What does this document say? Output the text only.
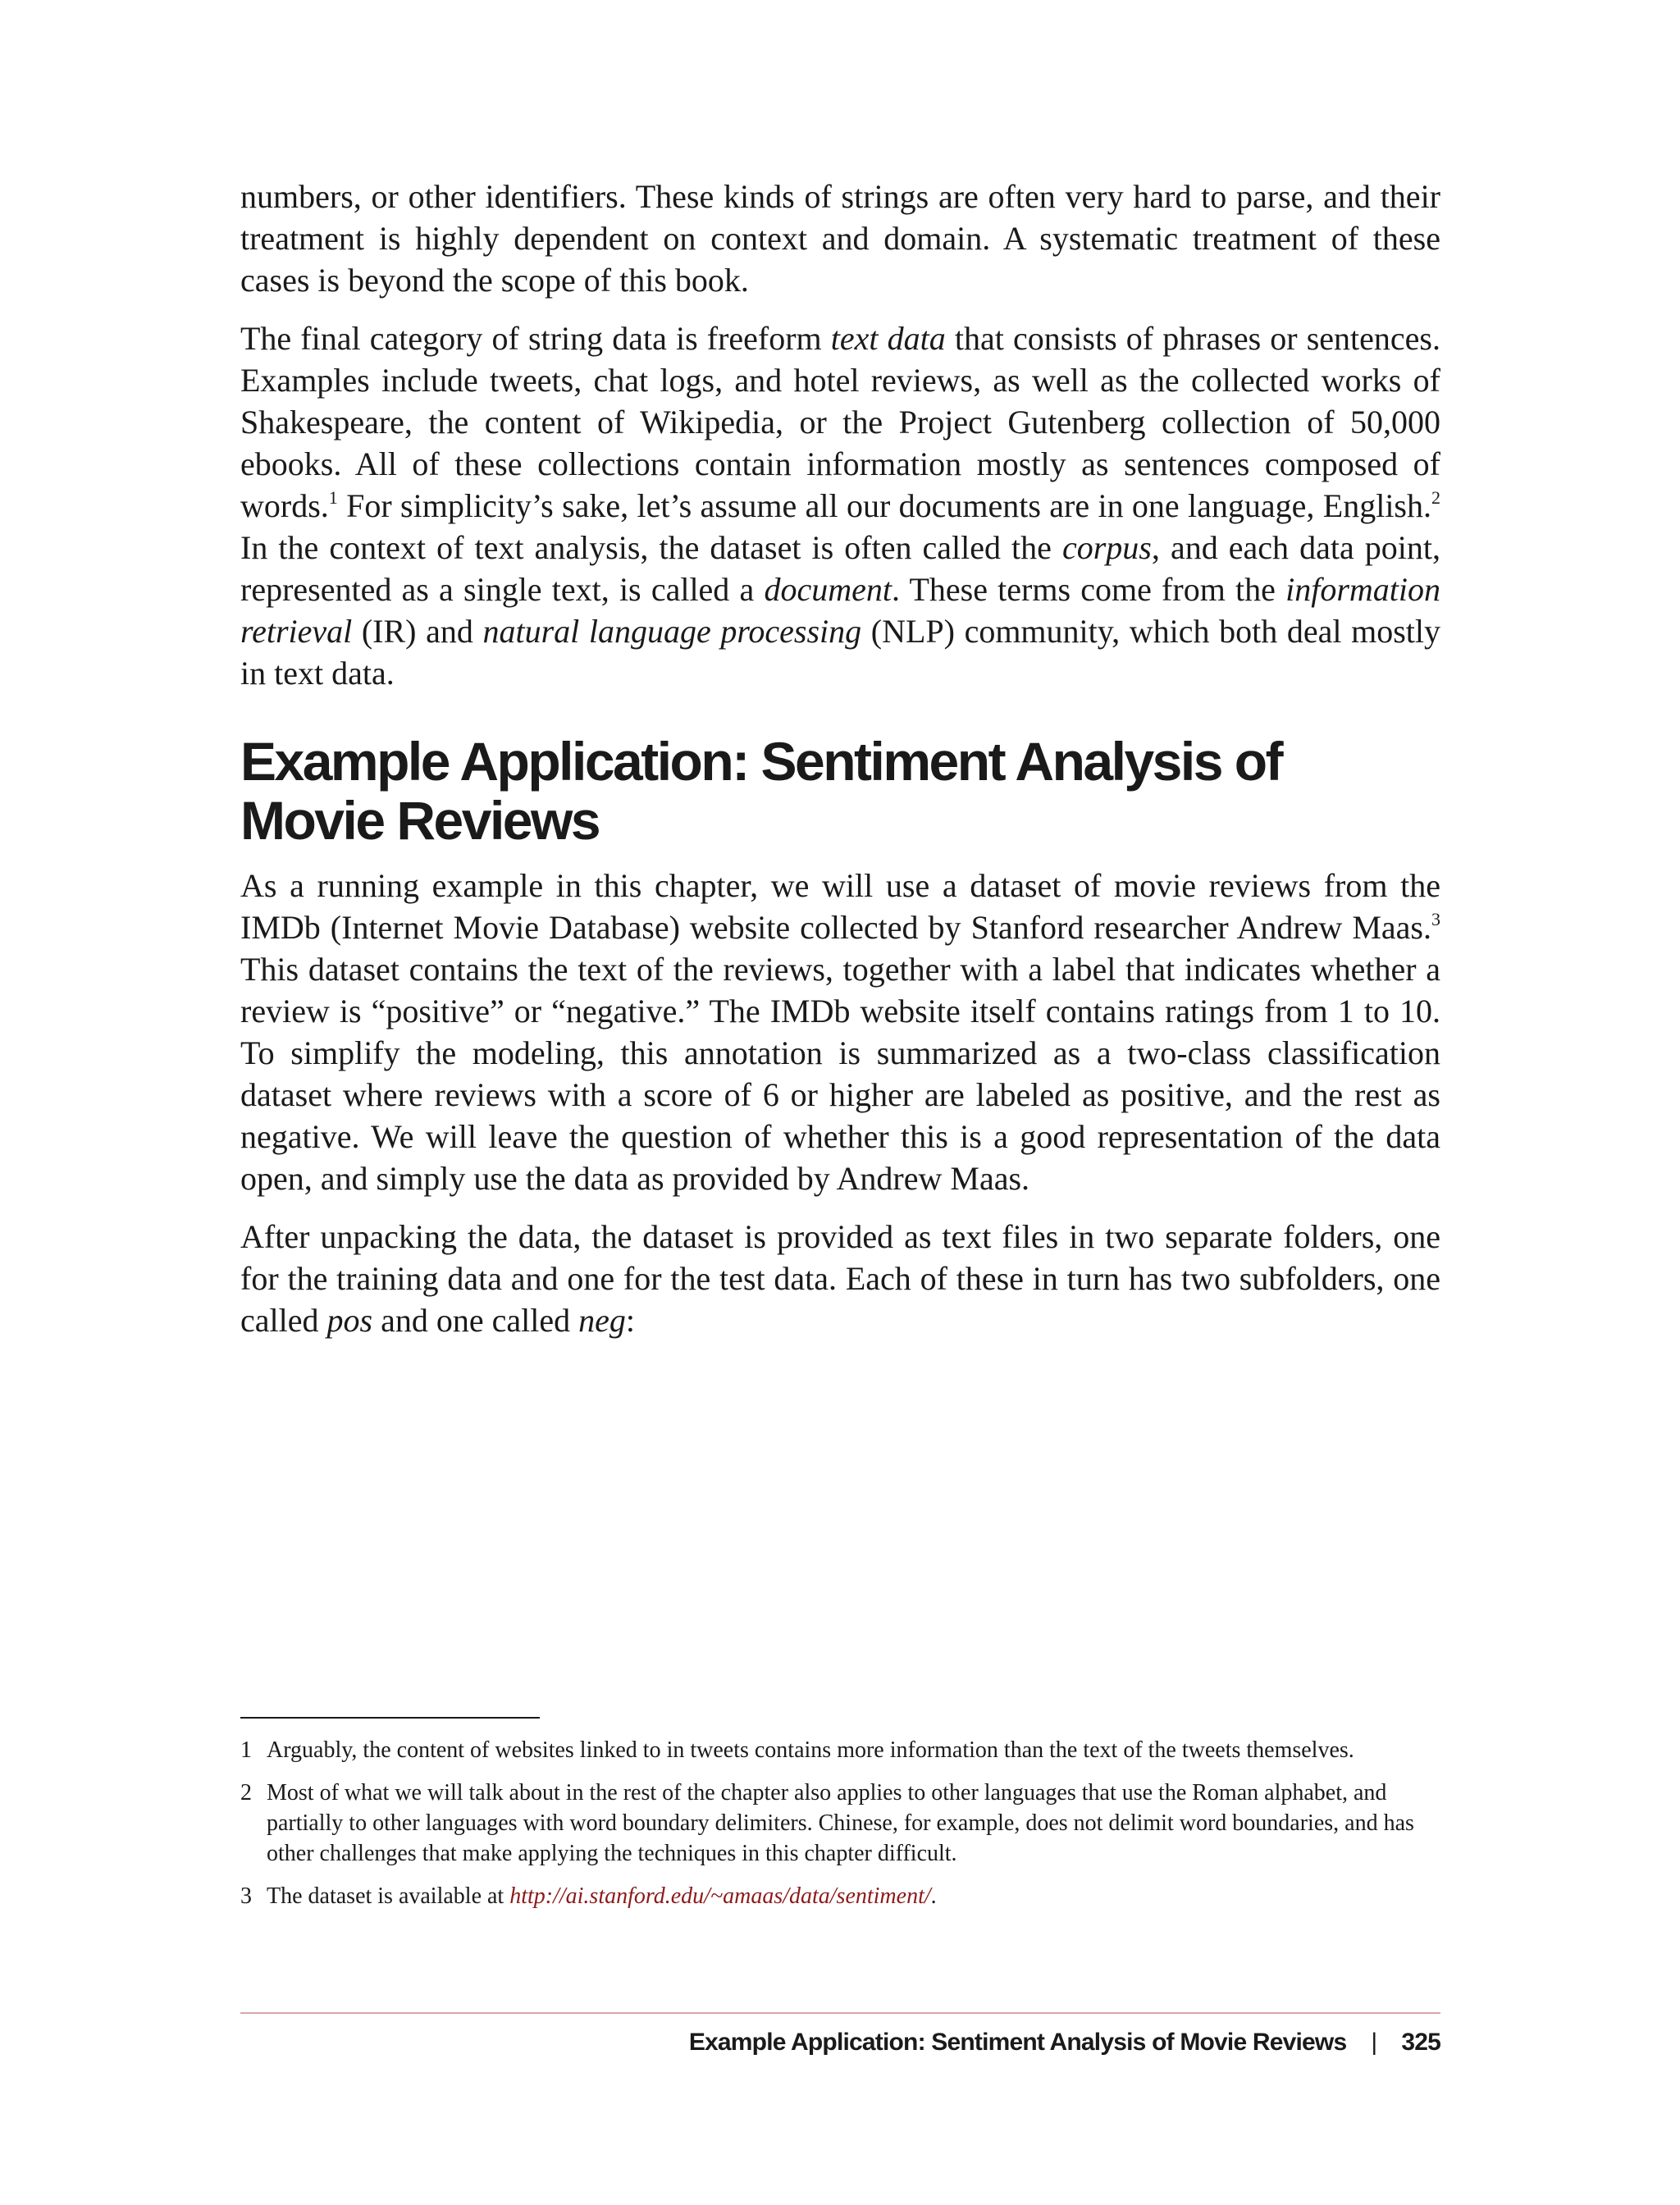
numbers, or other identifiers. These kinds of strings are often very hard to parse, and their treatment is highly dependent on context and domain. A systematic treatment of these cases is beyond the scope of this book.

The final category of string data is freeform text data that consists of phrases or sentences. Examples include tweets, chat logs, and hotel reviews, as well as the collected works of Shakespeare, the content of Wikipedia, or the Project Gutenberg collection of 50,000 ebooks. All of these collections contain information mostly as sentences composed of words.$^1$ For simplicity’s sake, let’s assume all our documents are in one language, English.$^2$ In the context of text analysis, the dataset is often called the corpus, and each data point, represented as a single text, is called a document. These terms come from the information retrieval (IR) and natural language processing (NLP) community, which both deal mostly in text data.

Example Application: Sentiment Analysis of Movie Reviews

As a running example in this chapter, we will use a dataset of movie reviews from the IMDb (Internet Movie Database) website collected by Stanford researcher Andrew Maas.$^3$ This dataset contains the text of the reviews, together with a label that indicates whether a review is “positive” or “negative.” The IMDb website itself contains ratings from 1 to 10. To simplify the modeling, this annotation is summarized as a two-class classification dataset where reviews with a score of 6 or higher are labeled as positive, and the rest as negative. We will leave the question of whether this is a good representation of the data open, and simply use the data as provided by Andrew Maas.

After unpacking the data, the dataset is provided as text files in two separate folders, one for the training data and one for the test data. Each of these in turn has two subfolders, one called pos and one called neg:

1 Arguably, the content of websites linked to in tweets contains more information than the text of the tweets themselves.
2 Most of what we will talk about in the rest of the chapter also applies to other languages that use the Roman alphabet, and partially to other languages with word boundary delimiters. Chinese, for example, does not delimit word boundaries, and has other challenges that make applying the techniques in this chapter difficult.
3 The dataset is available at http://ai.stanford.edu/~amaas/data/sentiment/.
Example Application: Sentiment Analysis of Movie Reviews | 325
